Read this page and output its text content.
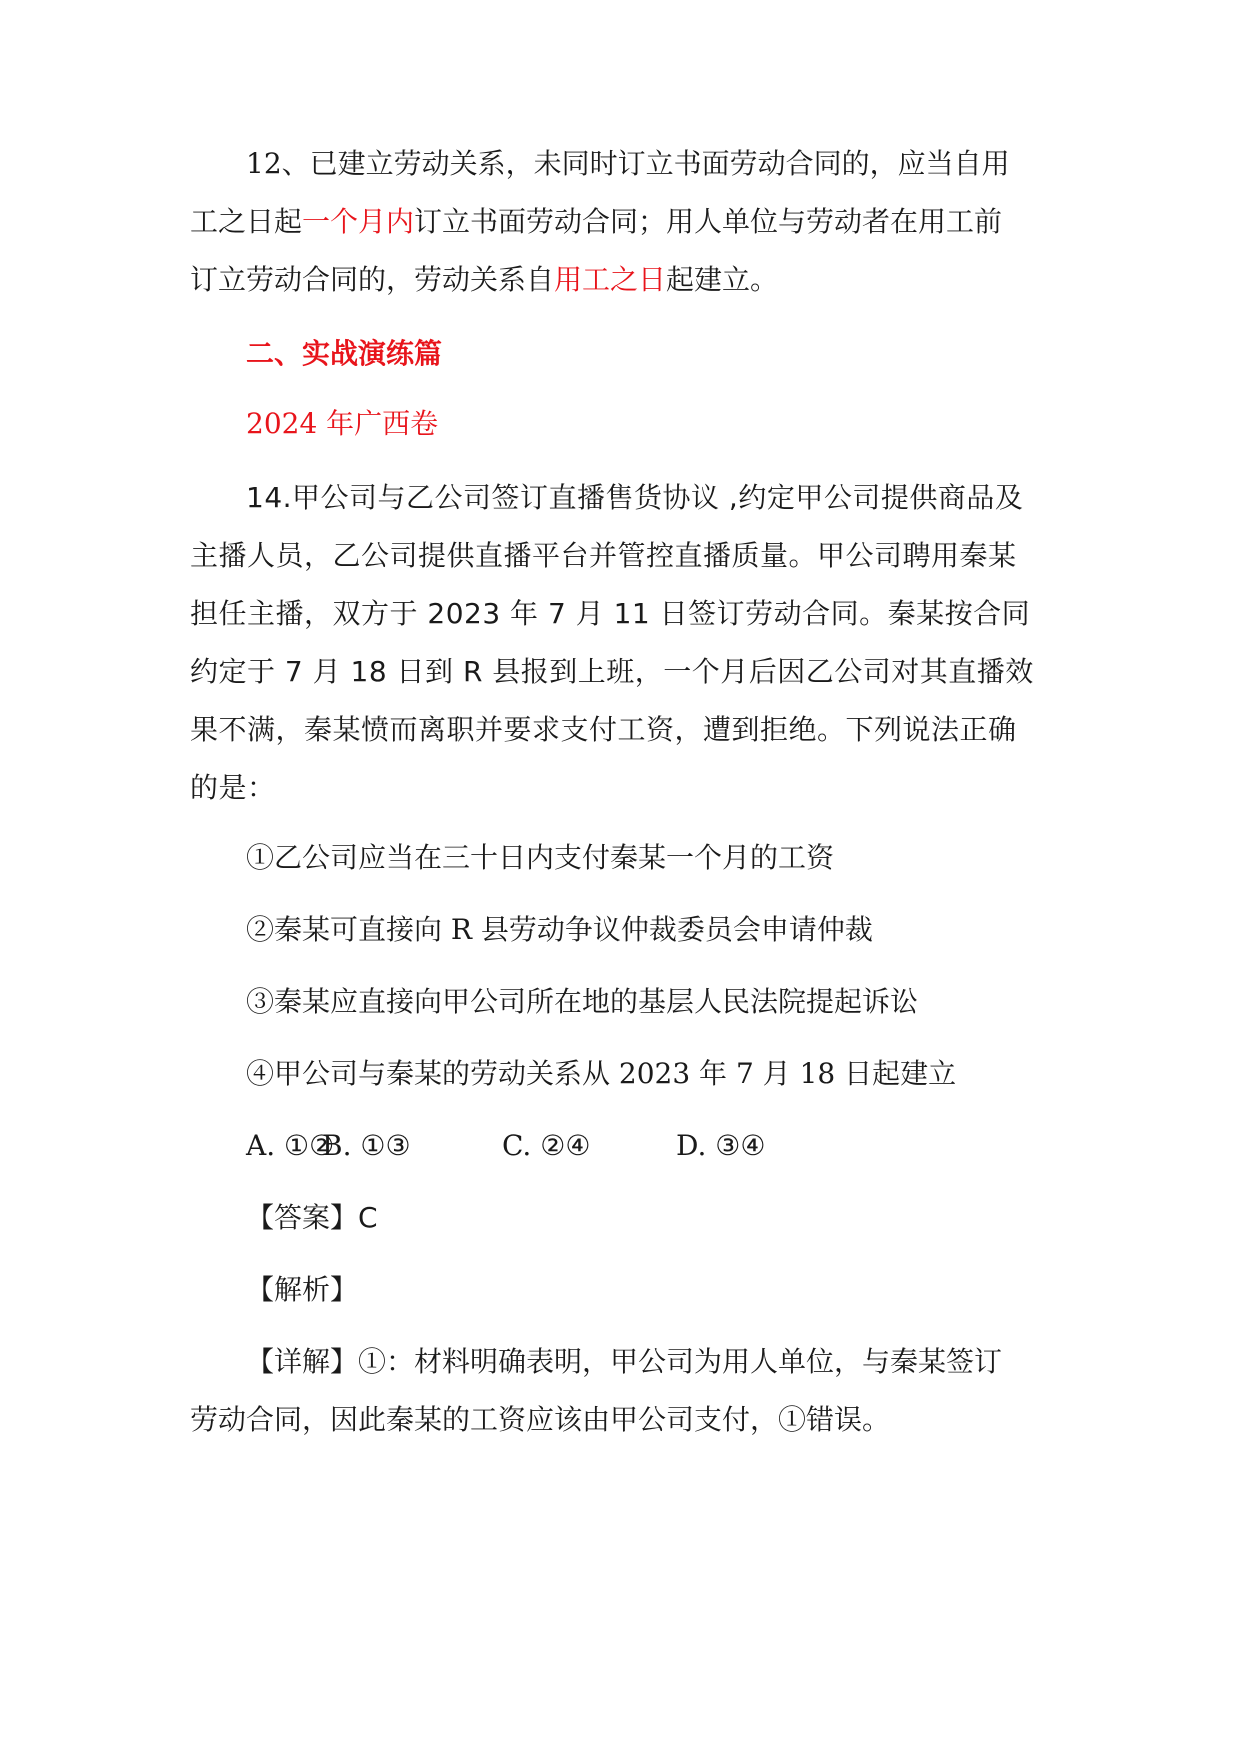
12、已建立劳动关系，未同时订立书面劳动合同的，应当自用
工之日起一个月内订立书面劳动合同；用人单位与劳动者在用工前
订立劳动合同的，劳动关系自用工之日起建立。
二、实战演练篇
2024 年广西卷
14.甲公司与乙公司签订直播售货协议 ,约定甲公司提供商品及
主播人员，乙公司提供直播平台并管控直播质量。甲公司聘用秦某
担任主播，双方于 2023 年 7 月 11 日签订劳动合同。秦某按合同
约定于 7 月 18 日到 R 县报到上班，一个月后因乙公司对其直播效
果不满，秦某愤而离职并要求支付工资，遭到拒绝。下列说法正确
的是：
①乙公司应当在三十日内支付秦某一个月的工资
②秦某可直接向 R 县劳动争议仲裁委员会申请仲裁
③秦某应直接向甲公司所在地的基层人民法院提起诉讼
④甲公司与秦某的劳动关系从 2023 年 7 月 18 日起建立
A. ①②B. ①③	C. ②④	D. ③④
【答案】C
【解析】
【详解】①：材料明确表明，甲公司为用人单位，与秦某签订
劳动合同，因此秦某的工资应该由甲公司支付，①错误。
